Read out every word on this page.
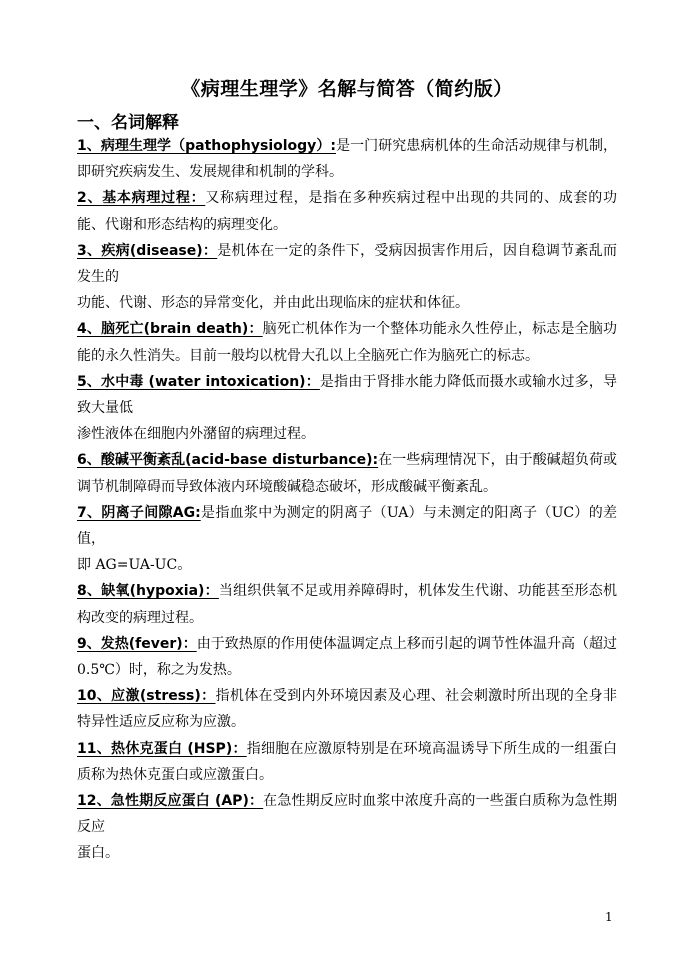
《病理生理学》名解与简答（简约版）
一、名词解释
1、病理生理学（pathophysiology）:是一门研究患病机体的生命活动规律与机制，即研究疾病发生、发展规律和机制的学科。
2、基本病理过程：又称病理过程，是指在多种疾病过程中出现的共同的、成套的功能、代谢和形态结构的病理变化。
3、疾病(disease)：是机体在一定的条件下，受病因损害作用后，因自稳调节紊乱而发生的
功能、代谢、形态的异常变化，并由此出现临床的症状和体征。
4、脑死亡(brain death)：脑死亡机体作为一个整体功能永久性停止，标志是全脑功能的永久性消失。目前一般均以枕骨大孔以上全脑死亡作为脑死亡的标志。
5、水中毒 (water intoxication)：是指由于肾排水能力降低而摄水或输水过多，导致大量低
渗性液体在细胞内外潴留的病理过程。
6、酸碱平衡紊乱(acid-base disturbance):在一些病理情况下，由于酸碱超负荷或调节机制障碍而导致体液内环境酸碱稳态破坏，形成酸碱平衡紊乱。
7、阴离子间隙AG:是指血浆中为测定的阴离子（UA）与未测定的阳离子（UC）的差值，
即 AG=UA-UC。
8、缺氧(hypoxia)：当组织供氧不足或用养障碍时，机体发生代谢、功能甚至形态机构改变的病理过程。
9、发热(fever)：由于致热原的作用使体温调定点上移而引起的调节性体温升高（超过 0.5℃）时，称之为发热。
10、应激(stress)：指机体在受到内外环境因素及心理、社会刺激时所出现的全身非特异性适应反应称为应激。
11、热休克蛋白 (HSP)：指细胞在应激原特别是在环境高温诱导下所生成的一组蛋白质称为热休克蛋白或应激蛋白。
12、急性期反应蛋白 (AP)：在急性期反应时血浆中浓度升高的一些蛋白质称为急性期反应
蛋白。
1
